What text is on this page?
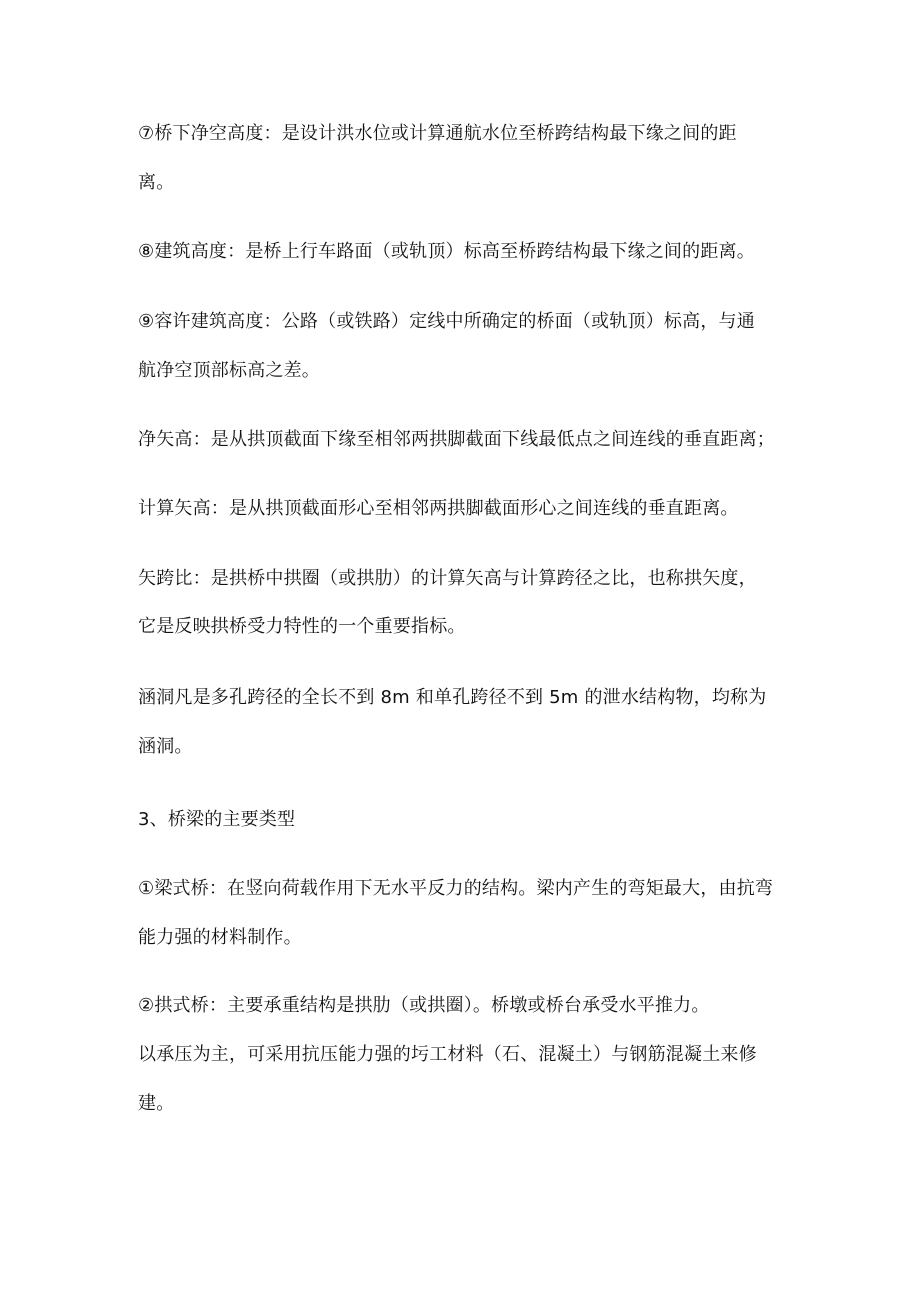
⑦桥下净空高度：是设计洪水位或计算通航水位至桥跨结构最下缘之间的距
离。
⑧建筑高度：是桥上行车路面（或轨顶）标高至桥跨结构最下缘之间的距离。
⑨容许建筑高度：公路（或铁路）定线中所确定的桥面（或轨顶）标高，与通
航净空顶部标高之差。
净矢高：是从拱顶截面下缘至相邻两拱脚截面下线最低点之间连线的垂直距离；
计算矢高：是从拱顶截面形心至相邻两拱脚截面形心之间连线的垂直距离。
矢跨比：是拱桥中拱圈（或拱肋）的计算矢高与计算跨径之比，也称拱矢度，
它是反映拱桥受力特性的一个重要指标。
涵洞凡是多孔跨径的全长不到 8m 和单孔跨径不到 5m 的泄水结构物，均称为
涵洞。
3、桥梁的主要类型
①梁式桥：在竖向荷载作用下无水平反力的结构。梁内产生的弯矩最大，由抗弯
能力强的材料制作。
②拱式桥：主要承重结构是拱肋（或拱圈）。桥墩或桥台承受水平推力。
以承压为主，可采用抗压能力强的圬工材料（石、混凝土）与钢筋混凝土来修
建。
